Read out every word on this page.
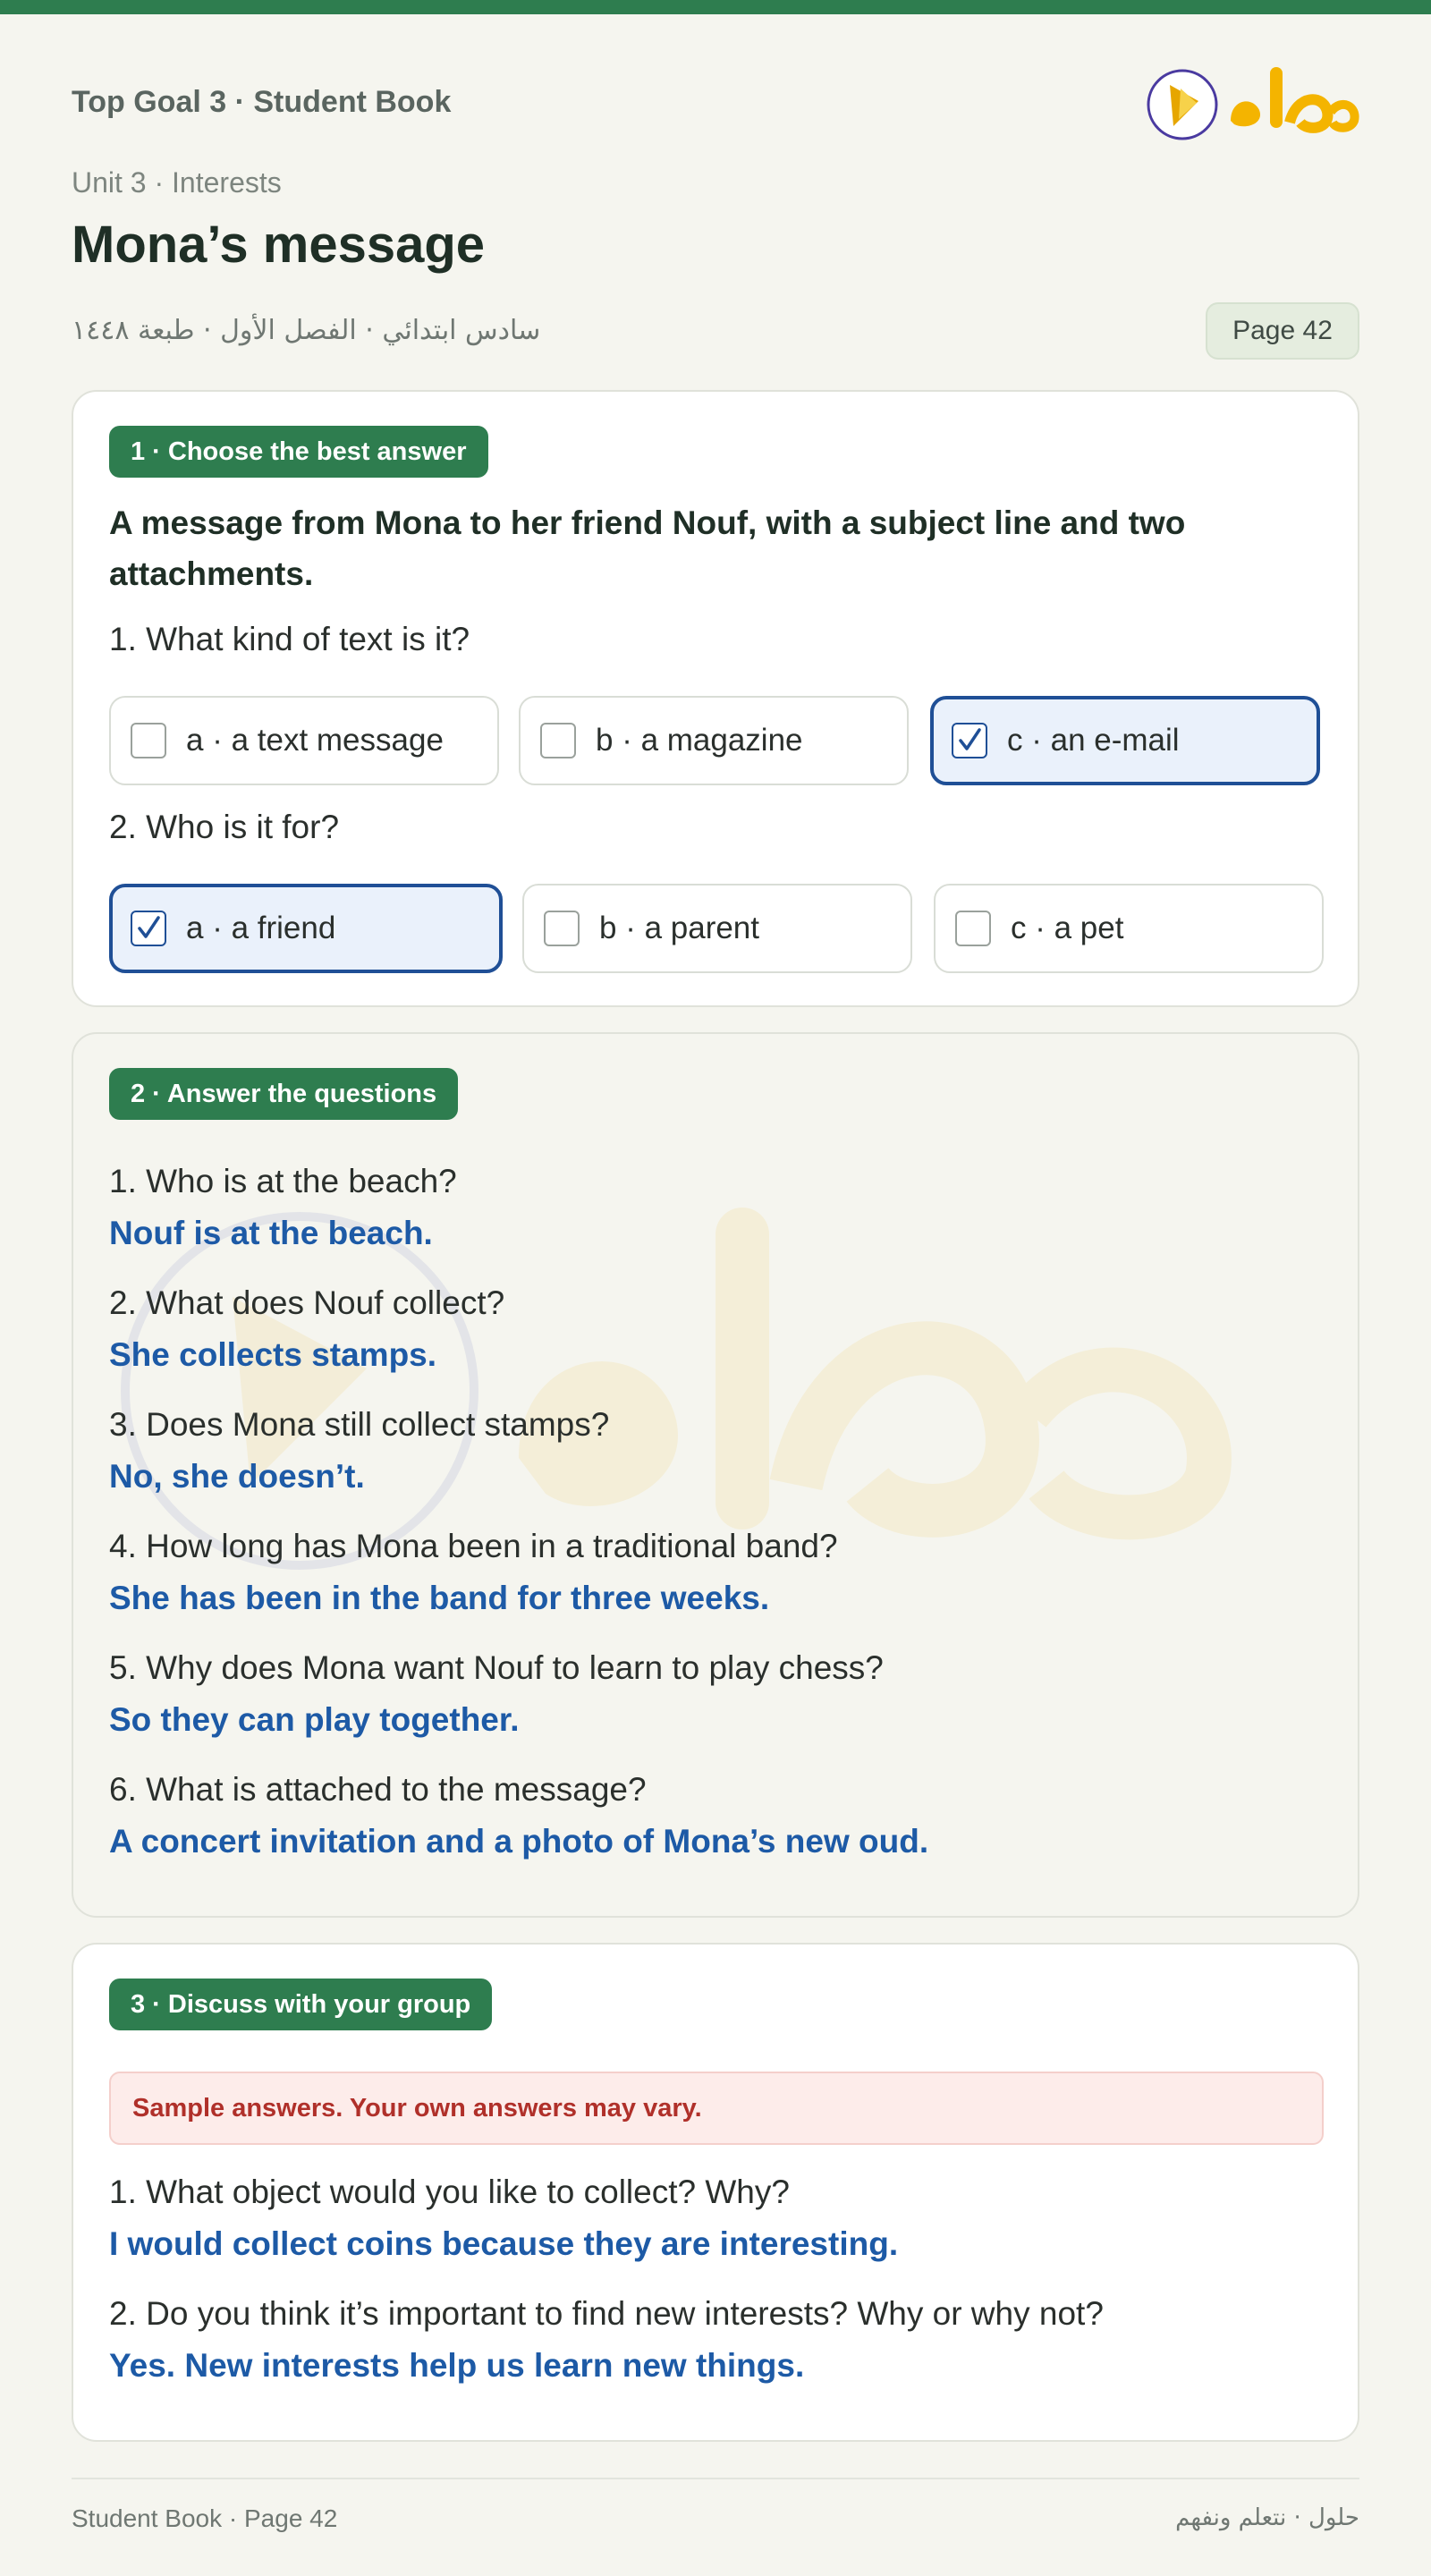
Top Goal 3 · Student Book
Unit 3 · Interests
Mona’s message
سادس ابتدائي · الفصل الأول · طبعة ١٤٤٨	Page 42
1 · Choose the best answer
A message from Mona to her friend Nouf, with a subject line and two attachments.
1. What kind of text is it?
a · a text message	b · a magazine	c · an e-mail
2. Who is it for?
a · a friend	b · a parent	c · a pet
2 · Answer the questions
1. Who is at the beach?
Nouf is at the beach.
2. What does Nouf collect?
She collects stamps.
3. Does Mona still collect stamps?
No, she doesn’t.
4. How long has Mona been in a traditional band?
She has been in the band for three weeks.
5. Why does Mona want Nouf to learn to play chess?
So they can play together.
6. What is attached to the message?
A concert invitation and a photo of Mona’s new oud.
3 · Discuss with your group
Sample answers. Your own answers may vary.
1. What object would you like to collect? Why?
I would collect coins because they are interesting.
2. Do you think it’s important to find new interests? Why or why not?
Yes. New interests help us learn new things.
Student Book · Page 42	حلول · نتعلم ونفهم
